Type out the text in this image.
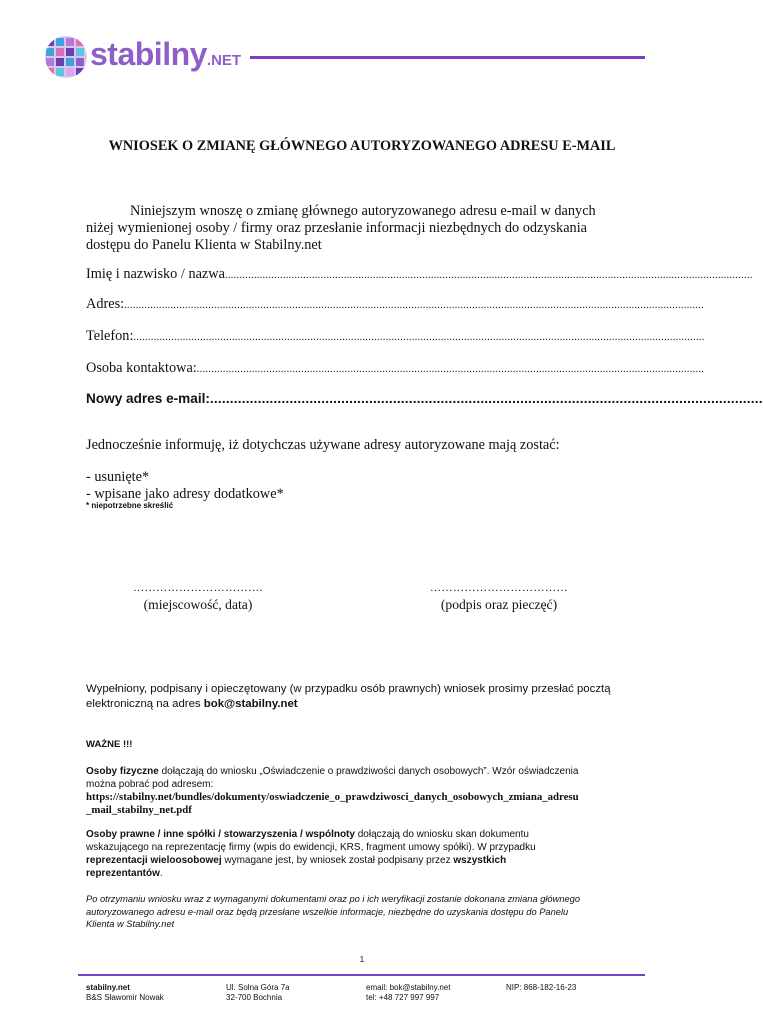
stabilny.NET
WNIOSEK O ZMIANĘ GŁÓWNEGO AUTORYZOWANEGO ADRESU E-MAIL
Niniejszym wnoszę o zmianę głównego autoryzowanego adresu e-mail w danych
niżej wymienionej osoby / firmy oraz przesłanie informacji niezbędnych do odzyskania
dostępu do Panelu Klienta w Stabilny.net
Imię i nazwisko / nazwa......................................................................................................................................................................................
Adres:........................................................................................................................................................................................................
Telefon:.....................................................................................................................................................................................................
Osoba kontaktowa:...............................................................................................................................................................................
Nowy adres e-mail:...........................................................................................................................................
Jednocześnie informuję, iż dotychczas używane adresy autoryzowane mają zostać:
- usunięte*
- wpisane jako adresy dodatkowe*
* niepotrzebne skreślić
…………………………….
(miejscowość, data)
………………………………
(podpis oraz pieczęć)
Wypełniony, podpisany i opieczętowany (w przypadku osób prawnych) wniosek prosimy przesłać pocztą
elektroniczną na adres bok@stabilny.net
WAŻNE !!!
Osoby fizyczne dołączają do wniosku „Oświadczenie o prawdziwości danych osobowych”. Wzór oświadczenia
można pobrać pod adresem:
https://stabilny.net/bundles/dokumenty/oswiadczenie_o_prawdziwosci_danych_osobowych_zmiana_adresu
_mail_stabilny_net.pdf
Osoby prawne / inne spółki / stowarzyszenia / wspólnoty dołączają do wniosku skan dokumentu
wskazującego na reprezentację firmy (wpis do ewidencji, KRS, fragment umowy spółki). W przypadku
reprezentacji wieloosobowej wymagane jest, by wniosek został podpisany przez wszystkich
reprezentantów.
Po otrzymaniu wniosku wraz z wymaganymi dokumentami oraz po i ich weryfikacji zostanie dokonana zmiana głównego
autoryzowanego adresu e-mail oraz będą przesłane wszelkie informacje, niezbędne do uzyskania dostępu do Panelu
Klienta w Stabilny.net
1
stabilny.net
B&S Sławomir Nowak
Ul. Solna Góra 7a
32-700 Bochnia
email: bok@stabilny.net
tel: +48 727 997 997
NIP: 868-182-16-23
